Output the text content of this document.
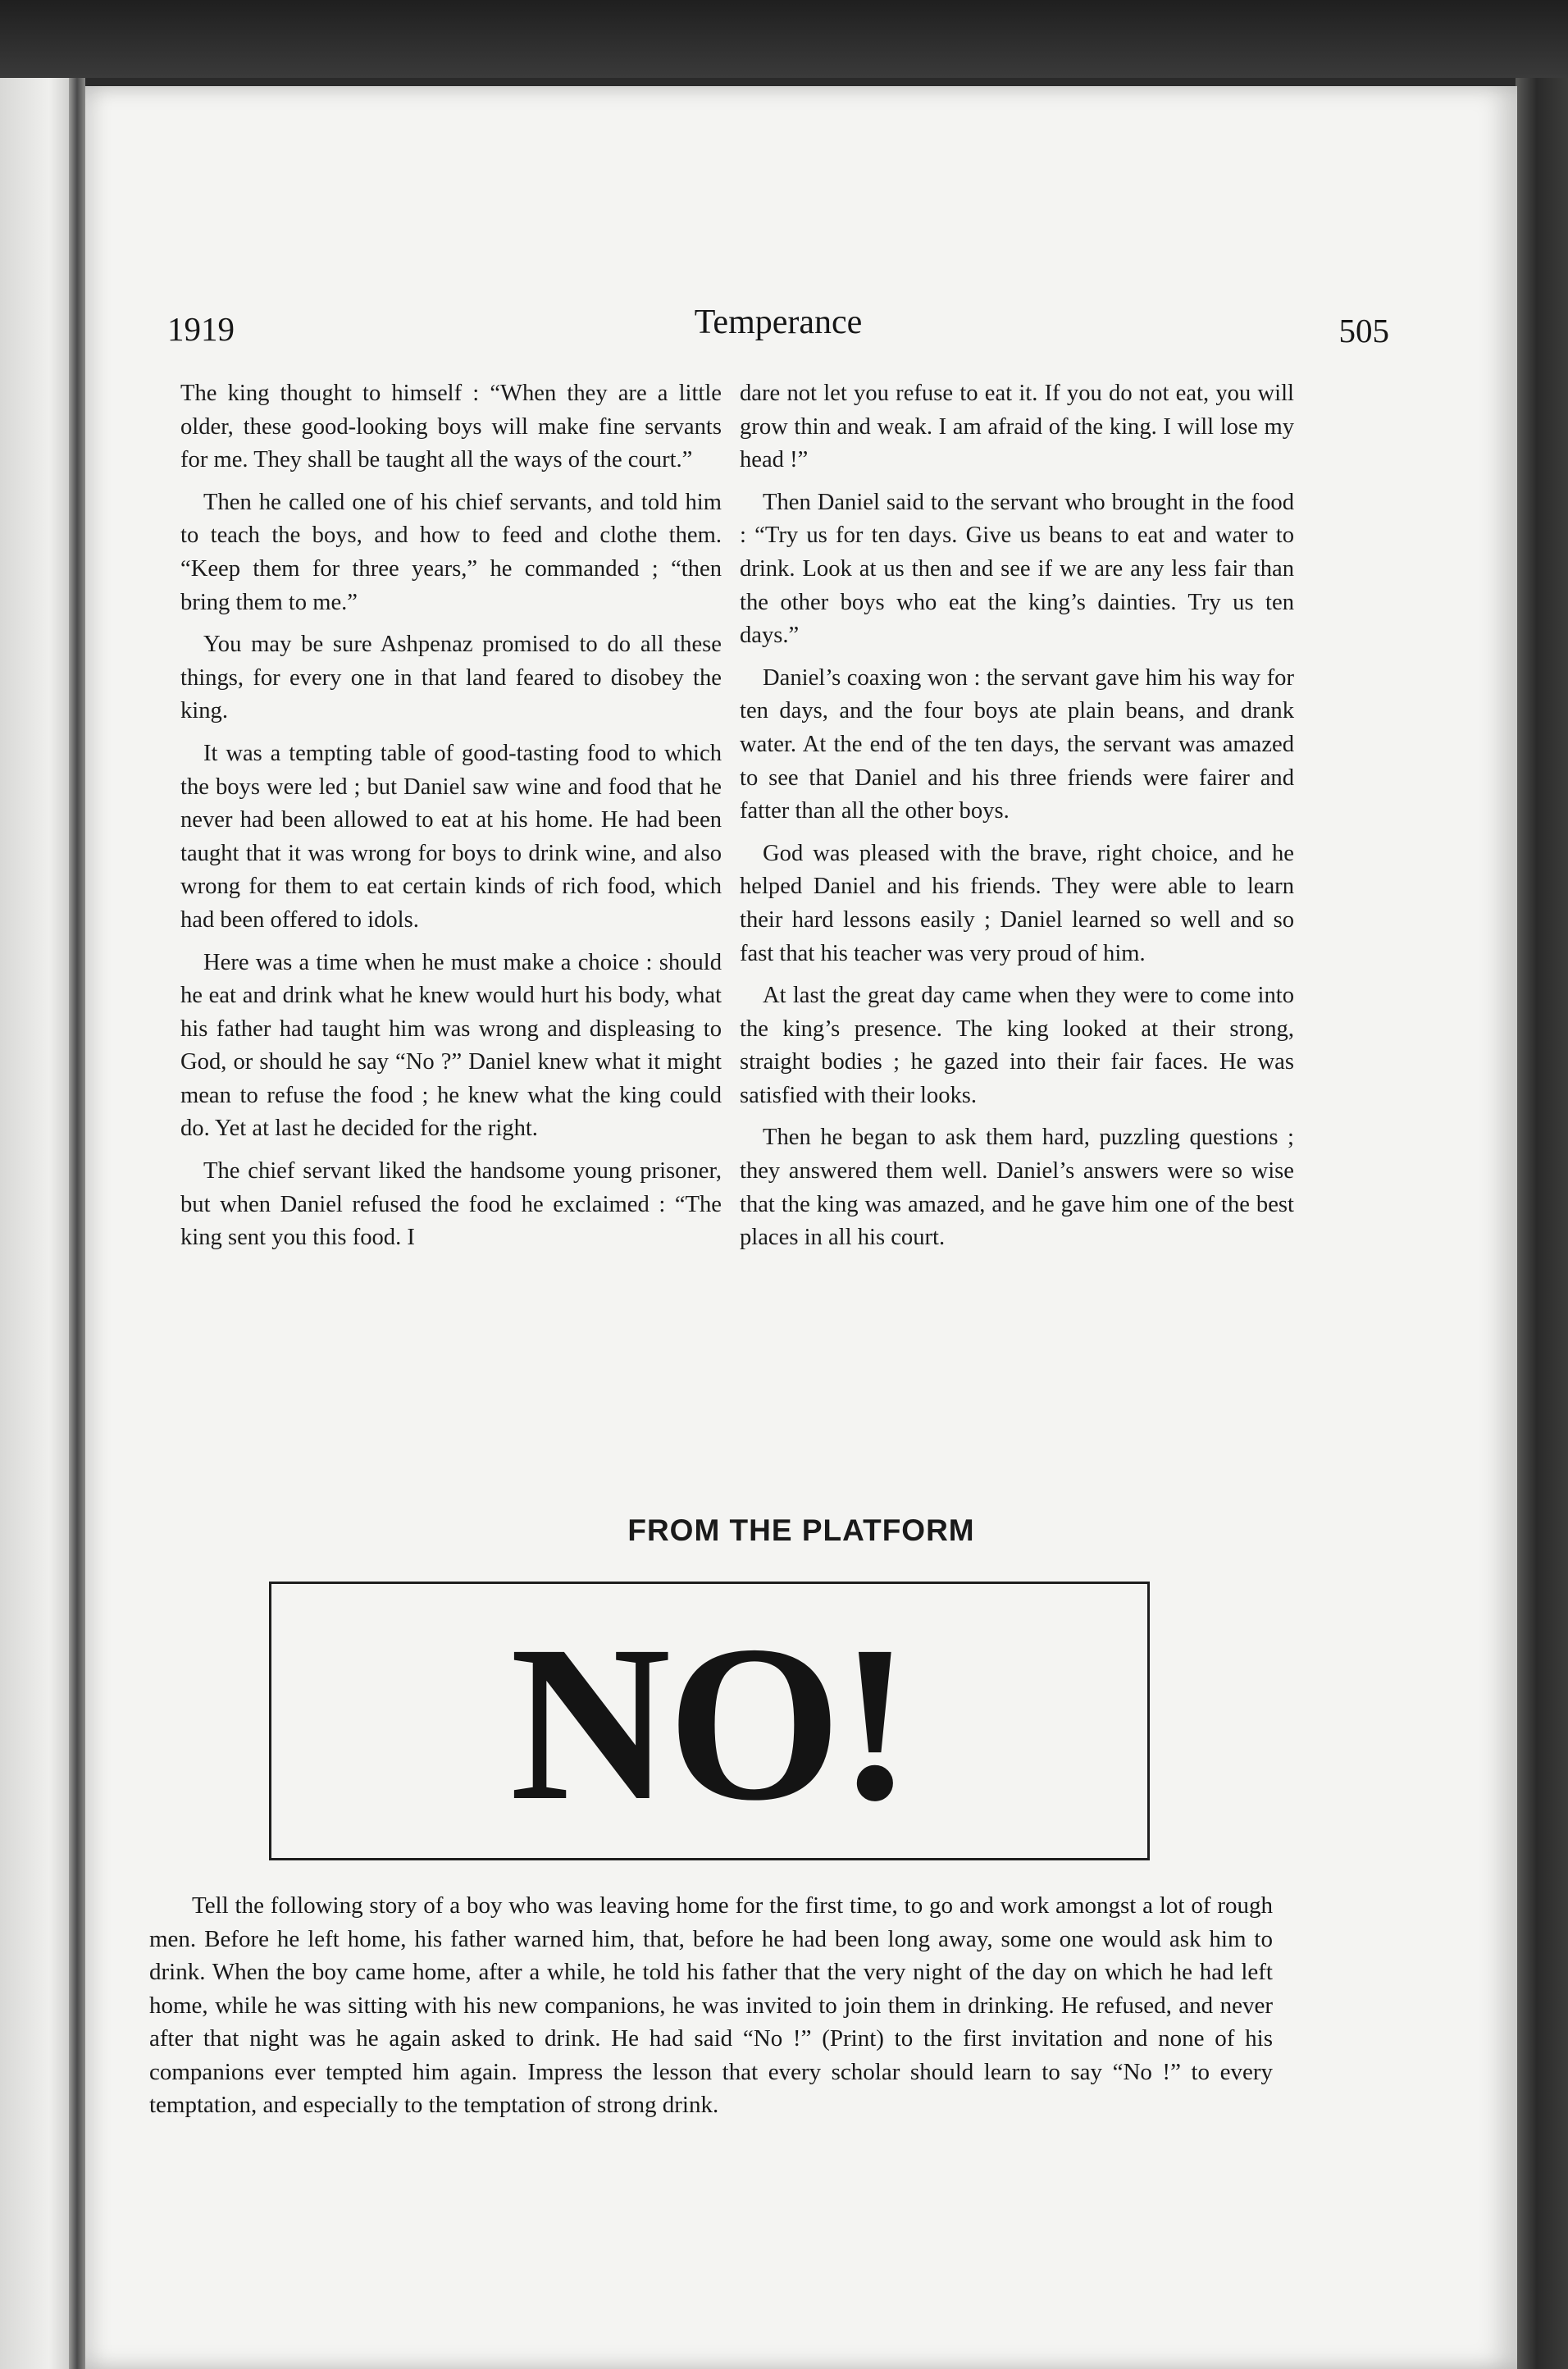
1919	Temperance	505

The king thought to himself : “When they are a little older, these good-looking boys will make fine servants for me. They shall be taught all the ways of the court.”

Then he called one of his chief servants, and told him to teach the boys, and how to feed and clothe them. “Keep them for three years,” he commanded ; “then bring them to me.”

You may be sure Ashpenaz promised to do all these things, for every one in that land feared to disobey the king.

It was a tempting table of good-tasting food to which the boys were led ; but Daniel saw wine and food that he never had been allowed to eat at his home. He had been taught that it was wrong for boys to drink wine, and also wrong for them to eat certain kinds of rich food, which had been offered to idols.

Here was a time when he must make a choice : should he eat and drink what he knew would hurt his body, what his father had taught him was wrong and displeasing to God, or should he say “No ?” Daniel knew what it might mean to refuse the food ; he knew what the king could do. Yet at last he decided for the right.

The chief servant liked the handsome young prisoner, but when Daniel refused the food he exclaimed : “The king sent you this food. I

dare not let you refuse to eat it. If you do not eat, you will grow thin and weak. I am afraid of the king. I will lose my head !”

Then Daniel said to the servant who brought in the food : “Try us for ten days. Give us beans to eat and water to drink. Look at us then and see if we are any less fair than the other boys who eat the king’s dainties. Try us ten days.”

Daniel’s coaxing won : the servant gave him his way for ten days, and the four boys ate plain beans, and drank water. At the end of the ten days, the servant was amazed to see that Daniel and his three friends were fairer and fatter than all the other boys.

God was pleased with the brave, right choice, and he helped Daniel and his friends. They were able to learn their hard lessons easily ; Daniel learned so well and so fast that his teacher was very proud of him.

At last the great day came when they were to come into the king’s presence. The king looked at their strong, straight bodies ; he gazed into their fair faces. He was satisfied with their looks.

Then he began to ask them hard, puzzling questions ; they answered them well. Daniel’s answers were so wise that the king was amazed, and he gave him one of the best places in all his court.

FROM THE PLATFORM
NO!

Tell the following story of a boy who was leaving home for the first time, to go and work amongst a lot of rough men. Before he left home, his father warned him, that, before he had been long away, some one would ask him to drink. When the boy came home, after a while, he told his father that the very night of the day on which he had left home, while he was sitting with his new companions, he was invited to join them in drinking. He refused, and never after that night was he again asked to drink. He had said “No !” (Print) to the first invitation and none of his companions ever tempted him again. Impress the lesson that every scholar should learn to say “No !” to every temptation, and especially to the temptation of strong drink.
